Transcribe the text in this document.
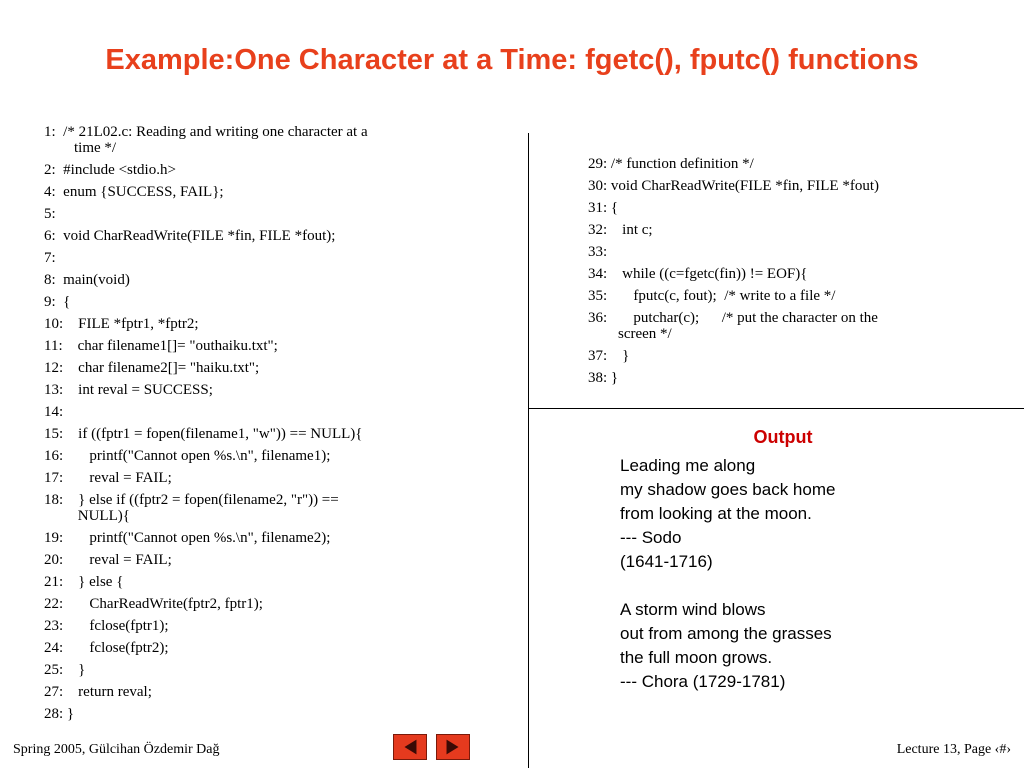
Example:One Character at a Time: fgetc(), fputc() functions
1:  /* 21L02.c: Reading and writing one character at a
time */
2:  #include <stdio.h>
4:  enum {SUCCESS, FAIL};
5:
6:  void CharReadWrite(FILE *fin, FILE *fout);
7:
8:  main(void)
9:  {
10:    FILE *fptr1, *fptr2;
11:    char filename1[]= "outhaiku.txt";
12:    char filename2[]= "haiku.txt";
13:    int reval = SUCCESS;
14:
15:    if ((fptr1 = fopen(filename1, "w")) == NULL){
16:       printf("Cannot open %s.\n", filename1);
17:       reval = FAIL;
18:    } else if ((fptr2 = fopen(filename2, "r")) ==
NULL){
19:       printf("Cannot open %s.\n", filename2);
20:       reval = FAIL;
21:    } else {
22:       CharReadWrite(fptr2, fptr1);
23:       fclose(fptr1);
24:       fclose(fptr2);
25:    }
27:    return reval;
28: }
29: /* function definition */
30: void CharReadWrite(FILE *fin, FILE *fout)
31: {
32:    int c;
33:
34:    while ((c=fgetc(fin)) != EOF){
35:       fputc(c, fout);  /* write to a file */
36:       putchar(c);      /* put the character on the
screen */
37:    }
38: }
Output
Leading me along
my shadow goes back home
from looking at the moon.
--- Sodo
(1641-1716)
A storm wind blows
out from among the grasses
the full moon grows.
--- Chora (1729-1781)
Spring 2005, Gülcihan Özdemir Dağ	Lecture 13, Page ‹#›
